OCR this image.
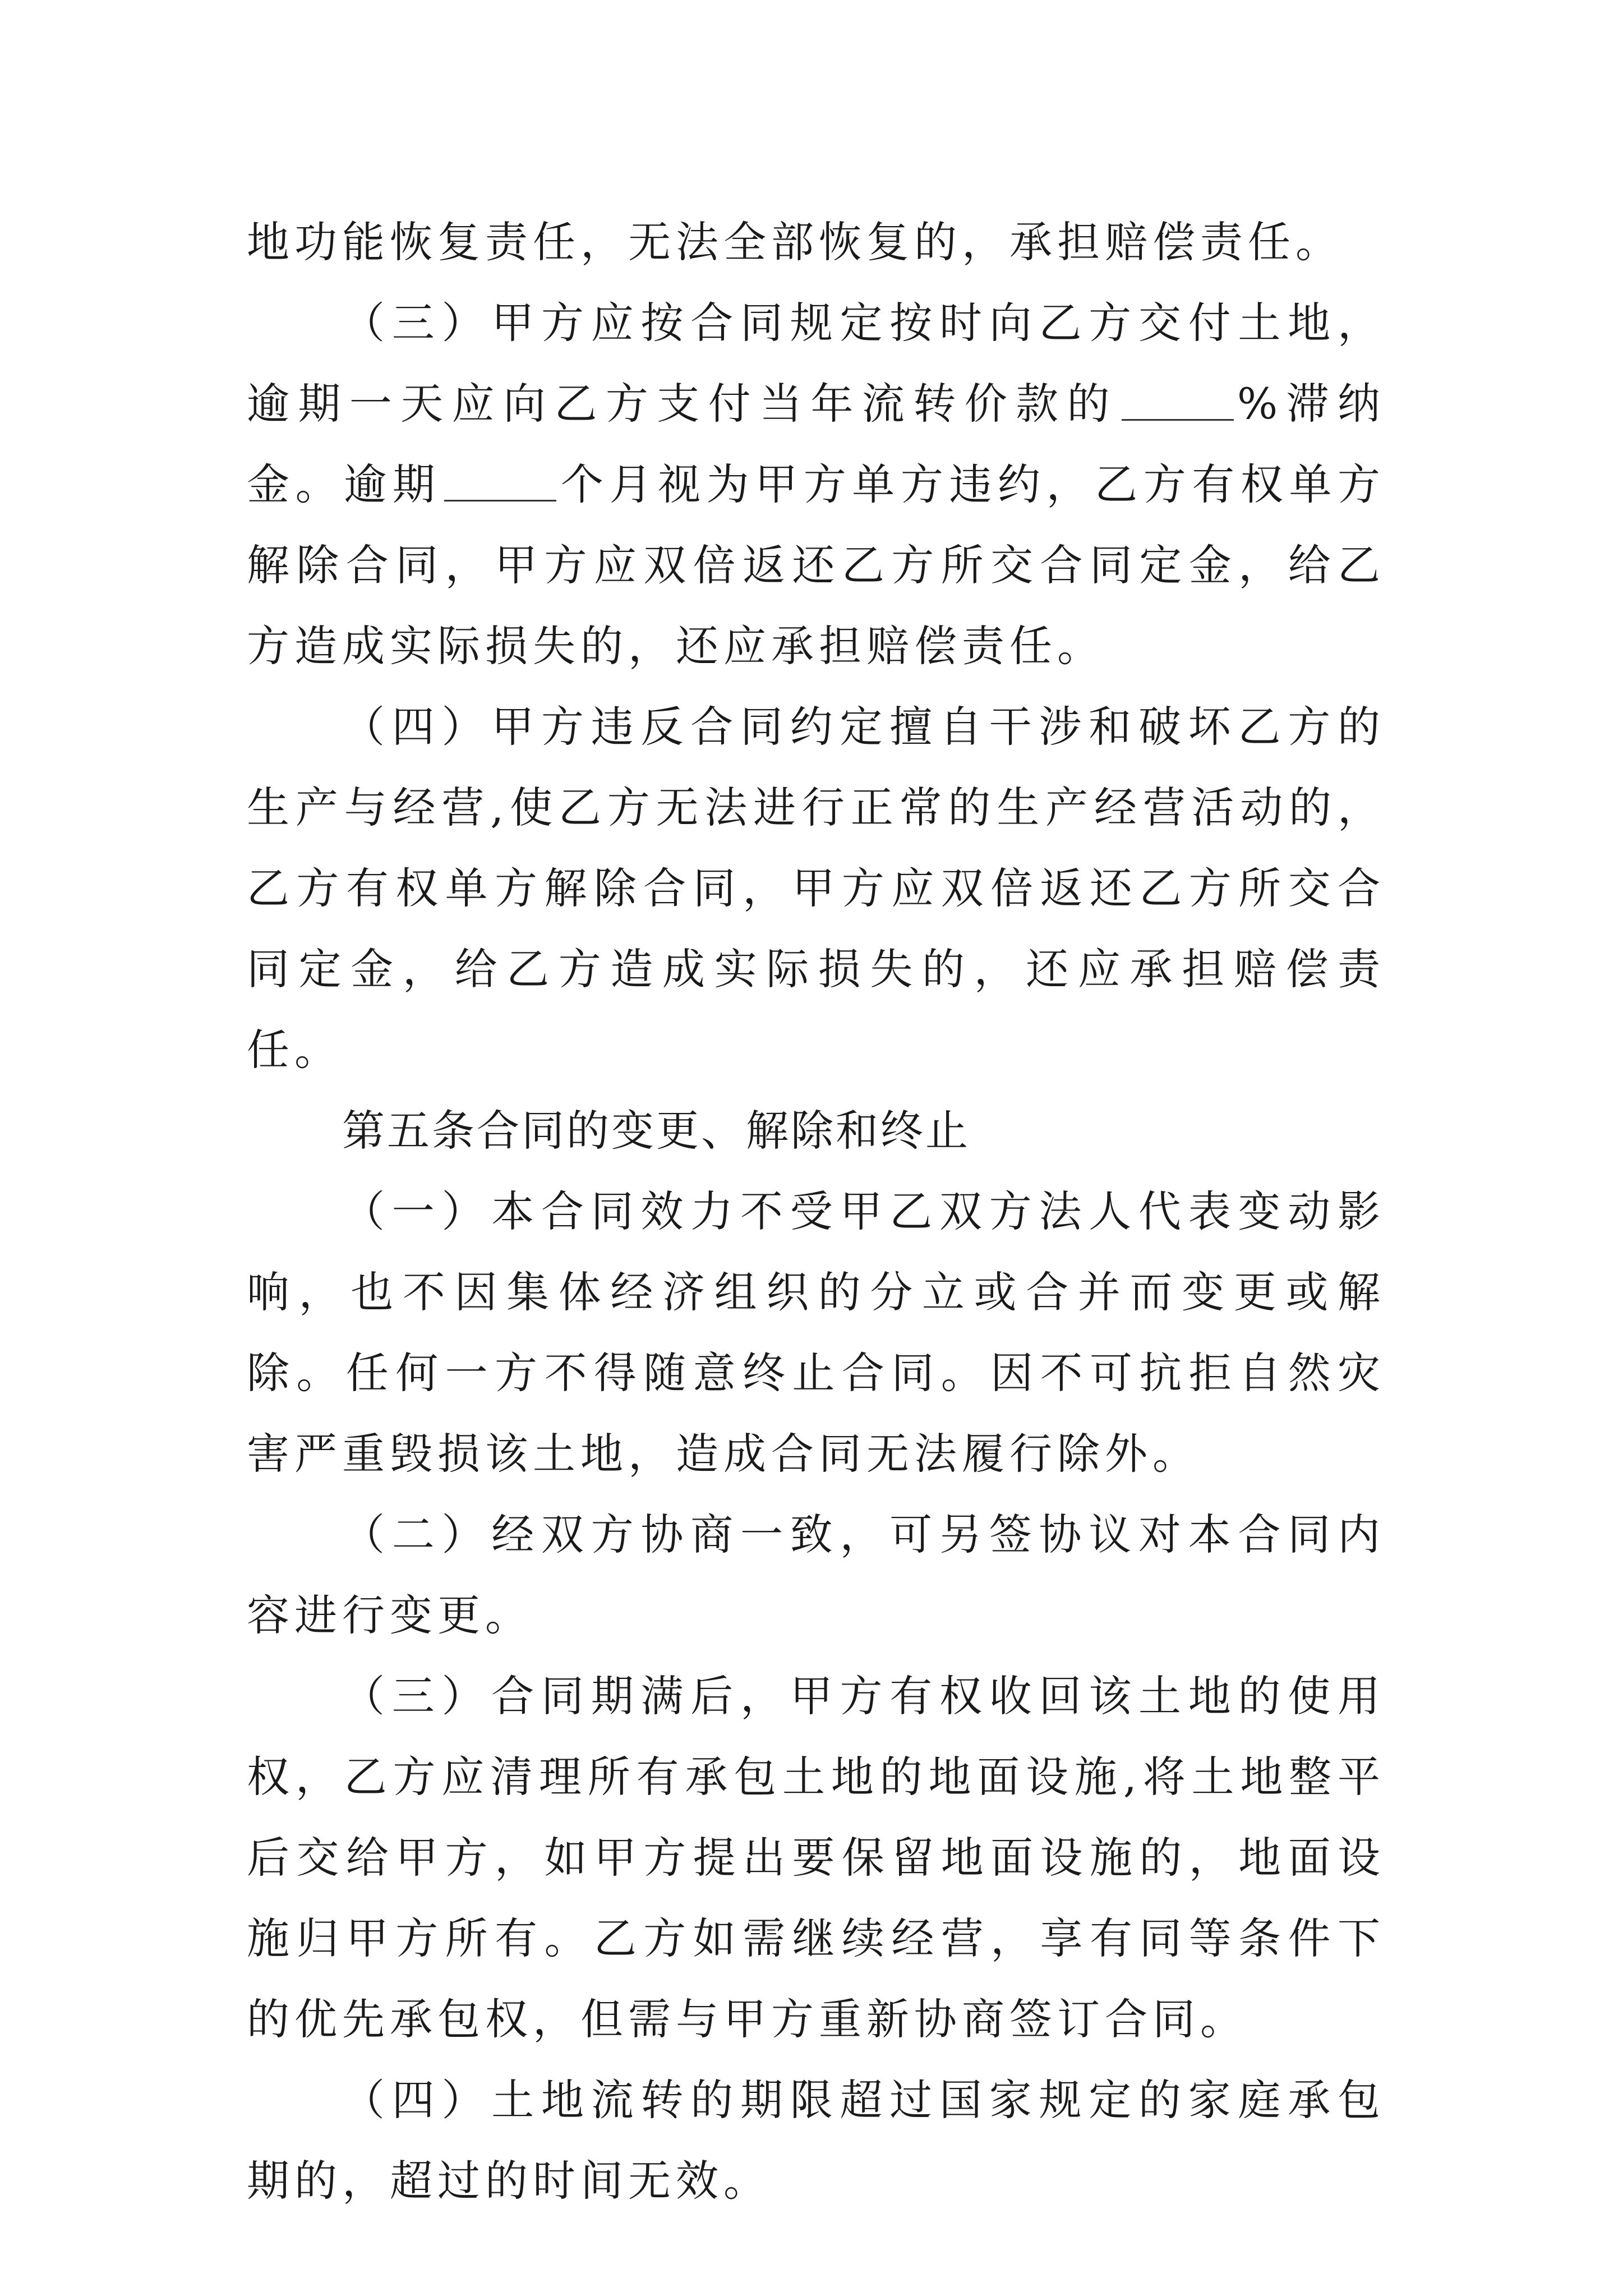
地功能恢复责任，无法全部恢复的，承担赔偿责任。

（三）甲方应按合同规定按时向乙方交付土地，逾期一天应向乙方支付当年流转价款的	%滞纳金。逾期	个月视为甲方单方违约，乙方有权单方解除合同，甲方应双倍返还乙方所交合同定金，给乙方造成实际损失的，还应承担赔偿责任。

（四）甲方违反合同约定擅自干涉和破坏乙方的生产与经营,使乙方无法进行正常的生产经营活动的，乙方有权单方解除合同，甲方应双倍返还乙方所交合同定金，给乙方造成实际损失的，还应承担赔偿责任。

第五条合同的变更、解除和终止

（一）本合同效力不受甲乙双方法人代表变动影响，也不因集体经济组织的分立或合并而变更或解除。任何一方不得随意终止合同。因不可抗拒自然灾害严重毁损该土地，造成合同无法履行除外。

（二）经双方协商一致，可另签协议对本合同内容进行变更。

（三）合同期满后，甲方有权收回该土地的使用权，乙方应清理所有承包土地的地面设施,将土地整平后交给甲方，如甲方提出要保留地面设施的，地面设施归甲方所有。乙方如需继续经营，享有同等条件下的优先承包权，但需与甲方重新协商签订合同。

（四）土地流转的期限超过国家规定的家庭承包期的，超过的时间无效。
